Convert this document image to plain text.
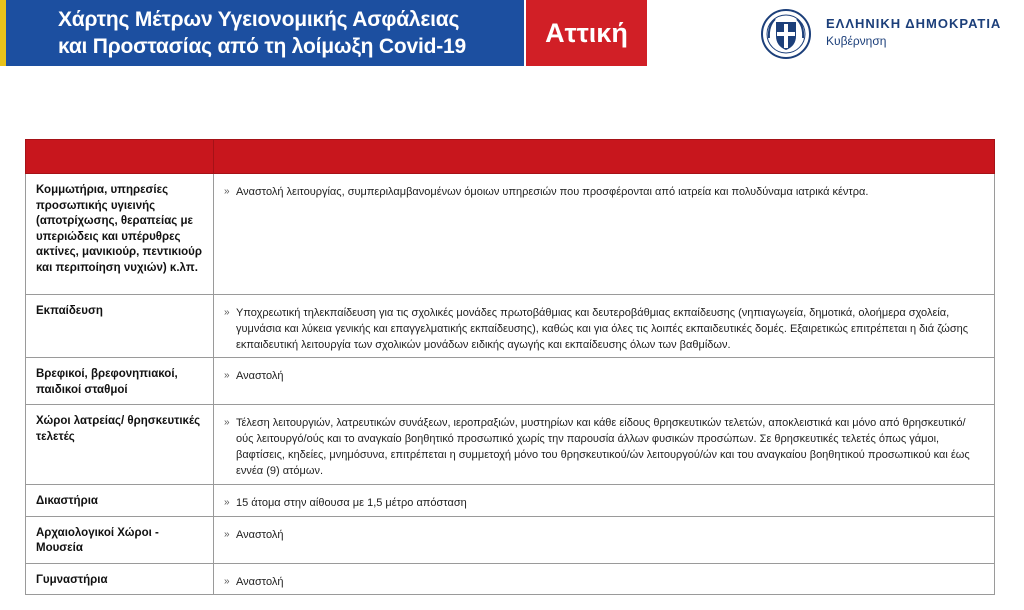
Χάρτης Μέτρων Υγειονομικής Ασφάλειας
και Προστασίας από τη λοίμωξη Covid-19	Αττική	ΕΛΛΗΝΙΚΗ ΔΗΜΟΚΡΑΤΙΑ
Κυβέρνηση

Κομμωτήρια, υπηρεσίες προσωπικής υγιεινής (αποτρίχωσης, θεραπείας με υπεριώδεις και υπέρυθρες ακτίνες, μανικιούρ, πεντικιούρ και περιποίηση νυχιών) κ.λπ.	» Αναστολή λειτουργίας, συμπεριλαμβανομένων όμοιων υπηρεσιών που προσφέρονται από ιατρεία και πολυδύναμα ιατρικά κέντρα.

Εκπαίδευση	» Υποχρεωτική τηλεκπαίδευση για τις σχολικές μονάδες πρωτοβάθμιας και δευτεροβάθμιας εκπαίδευσης (νηπιαγωγεία, δημοτικά, ολοήμερα σχολεία, γυμνάσια και λύκεια γενικής και επαγγελματικής εκπαίδευσης), καθώς και για όλες τις λοιπές εκπαιδευτικές δομές. Εξαιρετικώς επιτρέπεται η διά ζώσης εκπαιδευτική λειτουργία των σχολικών μονάδων ειδικής αγωγής και εκπαίδευσης όλων των βαθμίδων.

Βρεφικοί, βρεφονηπιακοί, παιδικοί σταθμοί	» Αναστολή

Χώροι λατρείας/ θρησκευτικές τελετές	» Τέλεση λειτουργιών, λατρευτικών συνάξεων, ιεροπραξιών, μυστηρίων και κάθε είδους θρησκευτικών τελετών, αποκλειστικά και μόνο από θρησκευτικό/ούς λειτουργό/ούς και το αναγκαίο βοηθητικό προσωπικό χωρίς την παρουσία άλλων φυσικών προσώπων. Σε θρησκευτικές τελετές όπως γάμοι, βαφτίσεις, κηδείες, μνημόσυνα, επιτρέπεται η συμμετοχή μόνο του θρησκευτικού/ών λειτουργού/ών και του αναγκαίου βοηθητικού προσωπικού και έως εννέα (9) ατόμων.

Δικαστήρια	» 15 άτομα στην αίθουσα με 1,5 μέτρο απόσταση

Αρχαιολογικοί Χώροι - Μουσεία	» Αναστολή

Γυμναστήρια	» Αναστολή
